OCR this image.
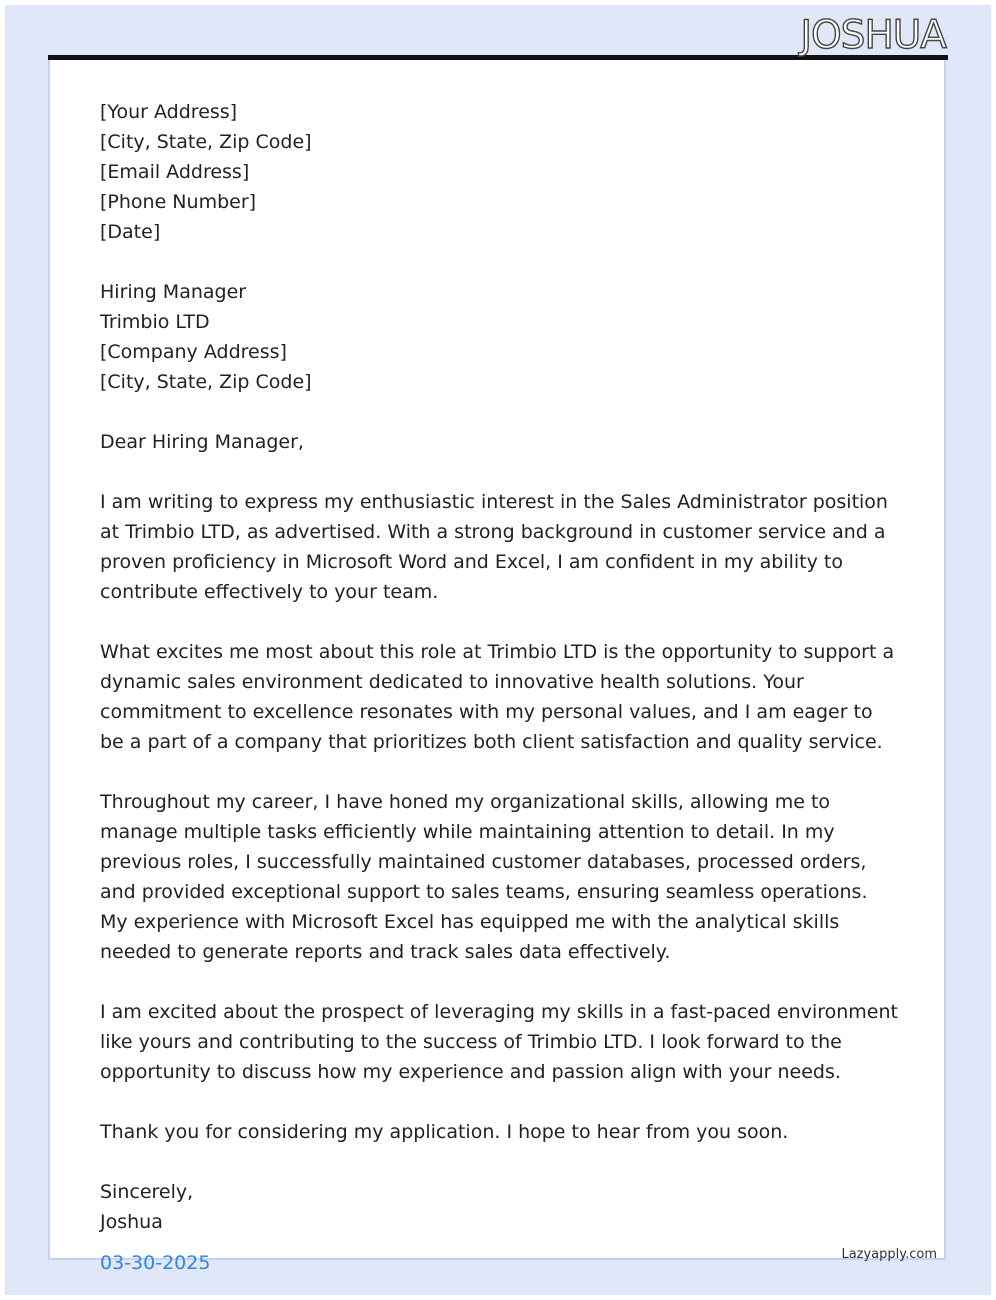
JOSHUA
[Your Address]
[City, State, Zip Code]
[Email Address]
[Phone Number]
[Date]
Hiring Manager
Trimbio LTD
[Company Address]
[City, State, Zip Code]
Dear Hiring Manager,

I am writing to express my enthusiastic interest in the Sales Administrator position at Trimbio LTD, as advertised. With a strong background in customer service and a proven proficiency in Microsoft Word and Excel, I am confident in my ability to contribute effectively to your team.

What excites me most about this role at Trimbio LTD is the opportunity to support a dynamic sales environment dedicated to innovative health solutions. Your commitment to excellence resonates with my personal values, and I am eager to be a part of a company that prioritizes both client satisfaction and quality service.

Throughout my career, I have honed my organizational skills, allowing me to manage multiple tasks efficiently while maintaining attention to detail. In my previous roles, I successfully maintained customer databases, processed orders, and provided exceptional support to sales teams, ensuring seamless operations. My experience with Microsoft Excel has equipped me with the analytical skills needed to generate reports and track sales data effectively.

I am excited about the prospect of leveraging my skills in a fast-paced environment like yours and contributing to the success of Trimbio LTD. I look forward to the opportunity to discuss how my experience and passion align with your needs.

Thank you for considering my application. I hope to hear from you soon.

Sincerely,
Joshua
03-30-2025	Lazyapply.com
